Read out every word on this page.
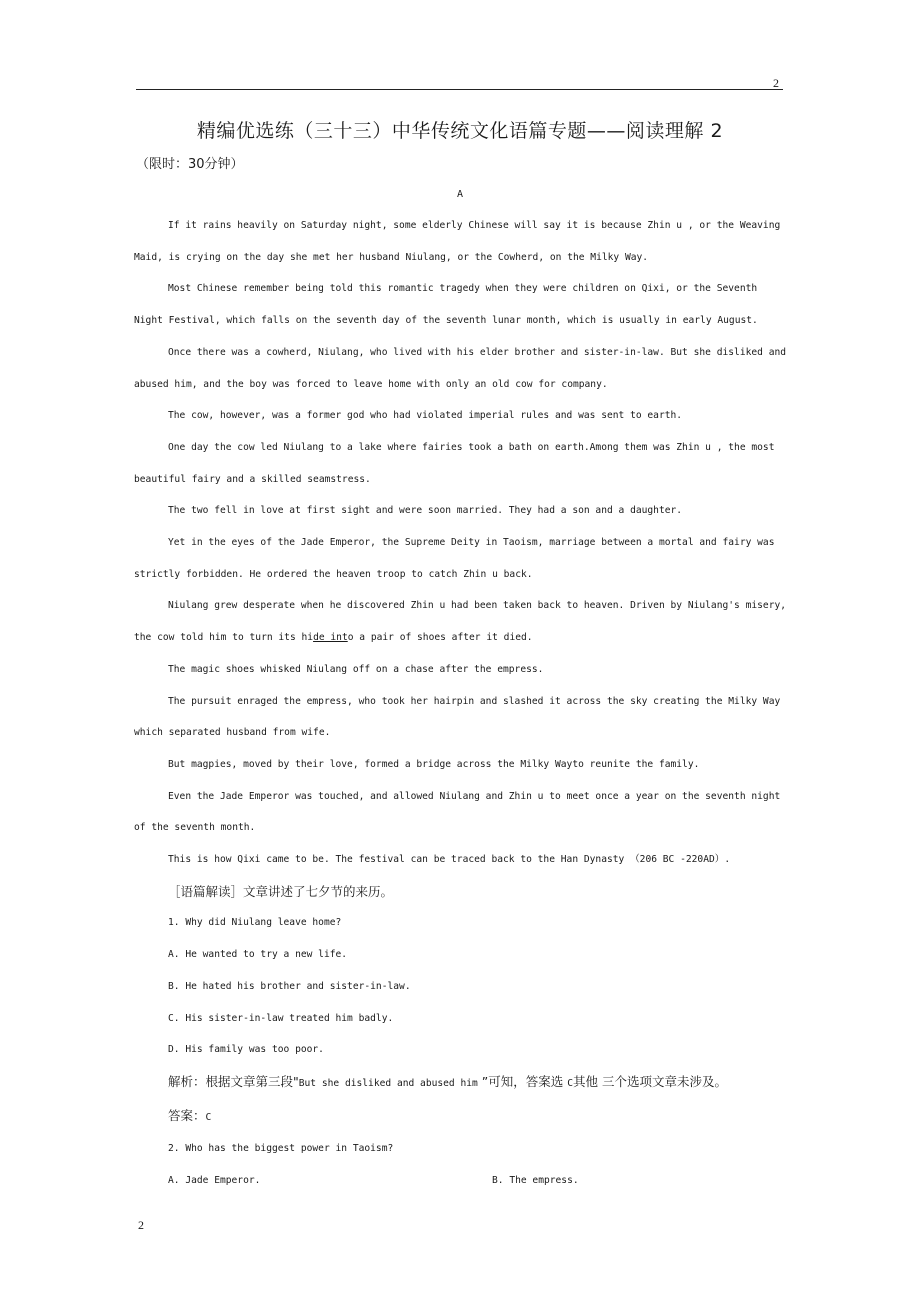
2
精编优选练（三十三）中华传统文化语篇专题——阅读理解 2
（限时：30分钟）
A

If it rains heavily on Saturday night, some elderly Chinese will say it is because Zhin u , or the Weaving Maid, is crying on the day she met her husband Niulang, or the Cowherd, on the Milky Way.

Most Chinese remember being told this romantic tragedy when they were children on Qixi, or the Seventh Night Festival, which falls on the seventh day of the seventh lunar month, which is usually in early August.

Once there was a cowherd, Niulang, who lived with his elder brother and sister-in-law. But she disliked and abused him, and the boy was forced to leave home with only an old cow for company.

The cow, however, was a former god who had violated imperial rules and was sent to earth.

One day the cow led Niulang to a lake where fairies took a bath on earth.Among them was Zhin u , the most beautiful fairy and a skilled seamstress.

The two fell in love at first sight and were soon married. They had a son and a daughter.

Yet in the eyes of the Jade Emperor, the Supreme Deity in Taoism, marriage between a mortal and fairy was strictly forbidden. He ordered the heaven troop to catch Zhin u back.

Niulang grew desperate when he discovered Zhin u had been taken back to heaven. Driven by Niulang's misery, the cow told him to turn its hide into a pair of shoes after it died.

The magic shoes whisked Niulang off on a chase after the empress.

The pursuit enraged the empress, who took her hairpin and slashed it across the sky creating the Milky Way which separated husband from wife.

But magpies, moved by their love, formed a bridge across the Milky Wayto reunite the family.

Even the Jade Emperor was touched, and allowed Niulang and Zhin u to meet once a year on the seventh night of the seventh month.

This is how Qixi came to be. The festival can be traced back to the Han Dynasty （206 BC -220AD）.

［语篇解读］文章讲述了七夕节的来历。

1. Why did Niulang leave home?

A. He wanted to try a new life.

B. He hated his brother and sister-in-law.

C. His sister-in-law treated him badly.

D. His family was too poor.

解析：根据文章第三段"But she disliked and abused him ”可知，答案选 C其他 三个选项文章未涉及。

答案：C

2. Who has the biggest power in Taoism?

A. Jade Emperor.	B. The empress.

2
